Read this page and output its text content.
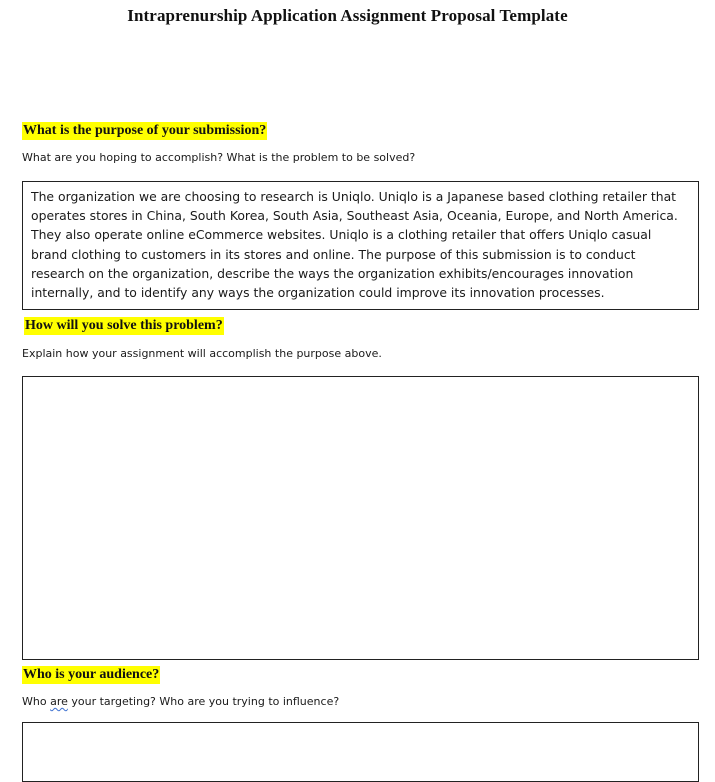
Intraprenurship Application Assignment Proposal Template
What is the purpose of your submission?
What are you hoping to accomplish? What is the problem to be solved?
The organization we are choosing to research is Uniqlo. Uniqlo is a Japanese based clothing retailer that operates stores in China, South Korea, South Asia, Southeast Asia, Oceania, Europe, and North America. They also operate online eCommerce websites. Uniqlo is a clothing retailer that offers Uniqlo casual brand clothing to customers in its stores and online. The purpose of this submission is to conduct research on the organization, describe the ways the organization exhibits/encourages innovation internally, and to identify any ways the organization could improve its innovation processes.
How will you solve this problem?
Explain how your assignment will accomplish the purpose above.
Who is your audience?
Who are your targeting? Who are you trying to influence?
